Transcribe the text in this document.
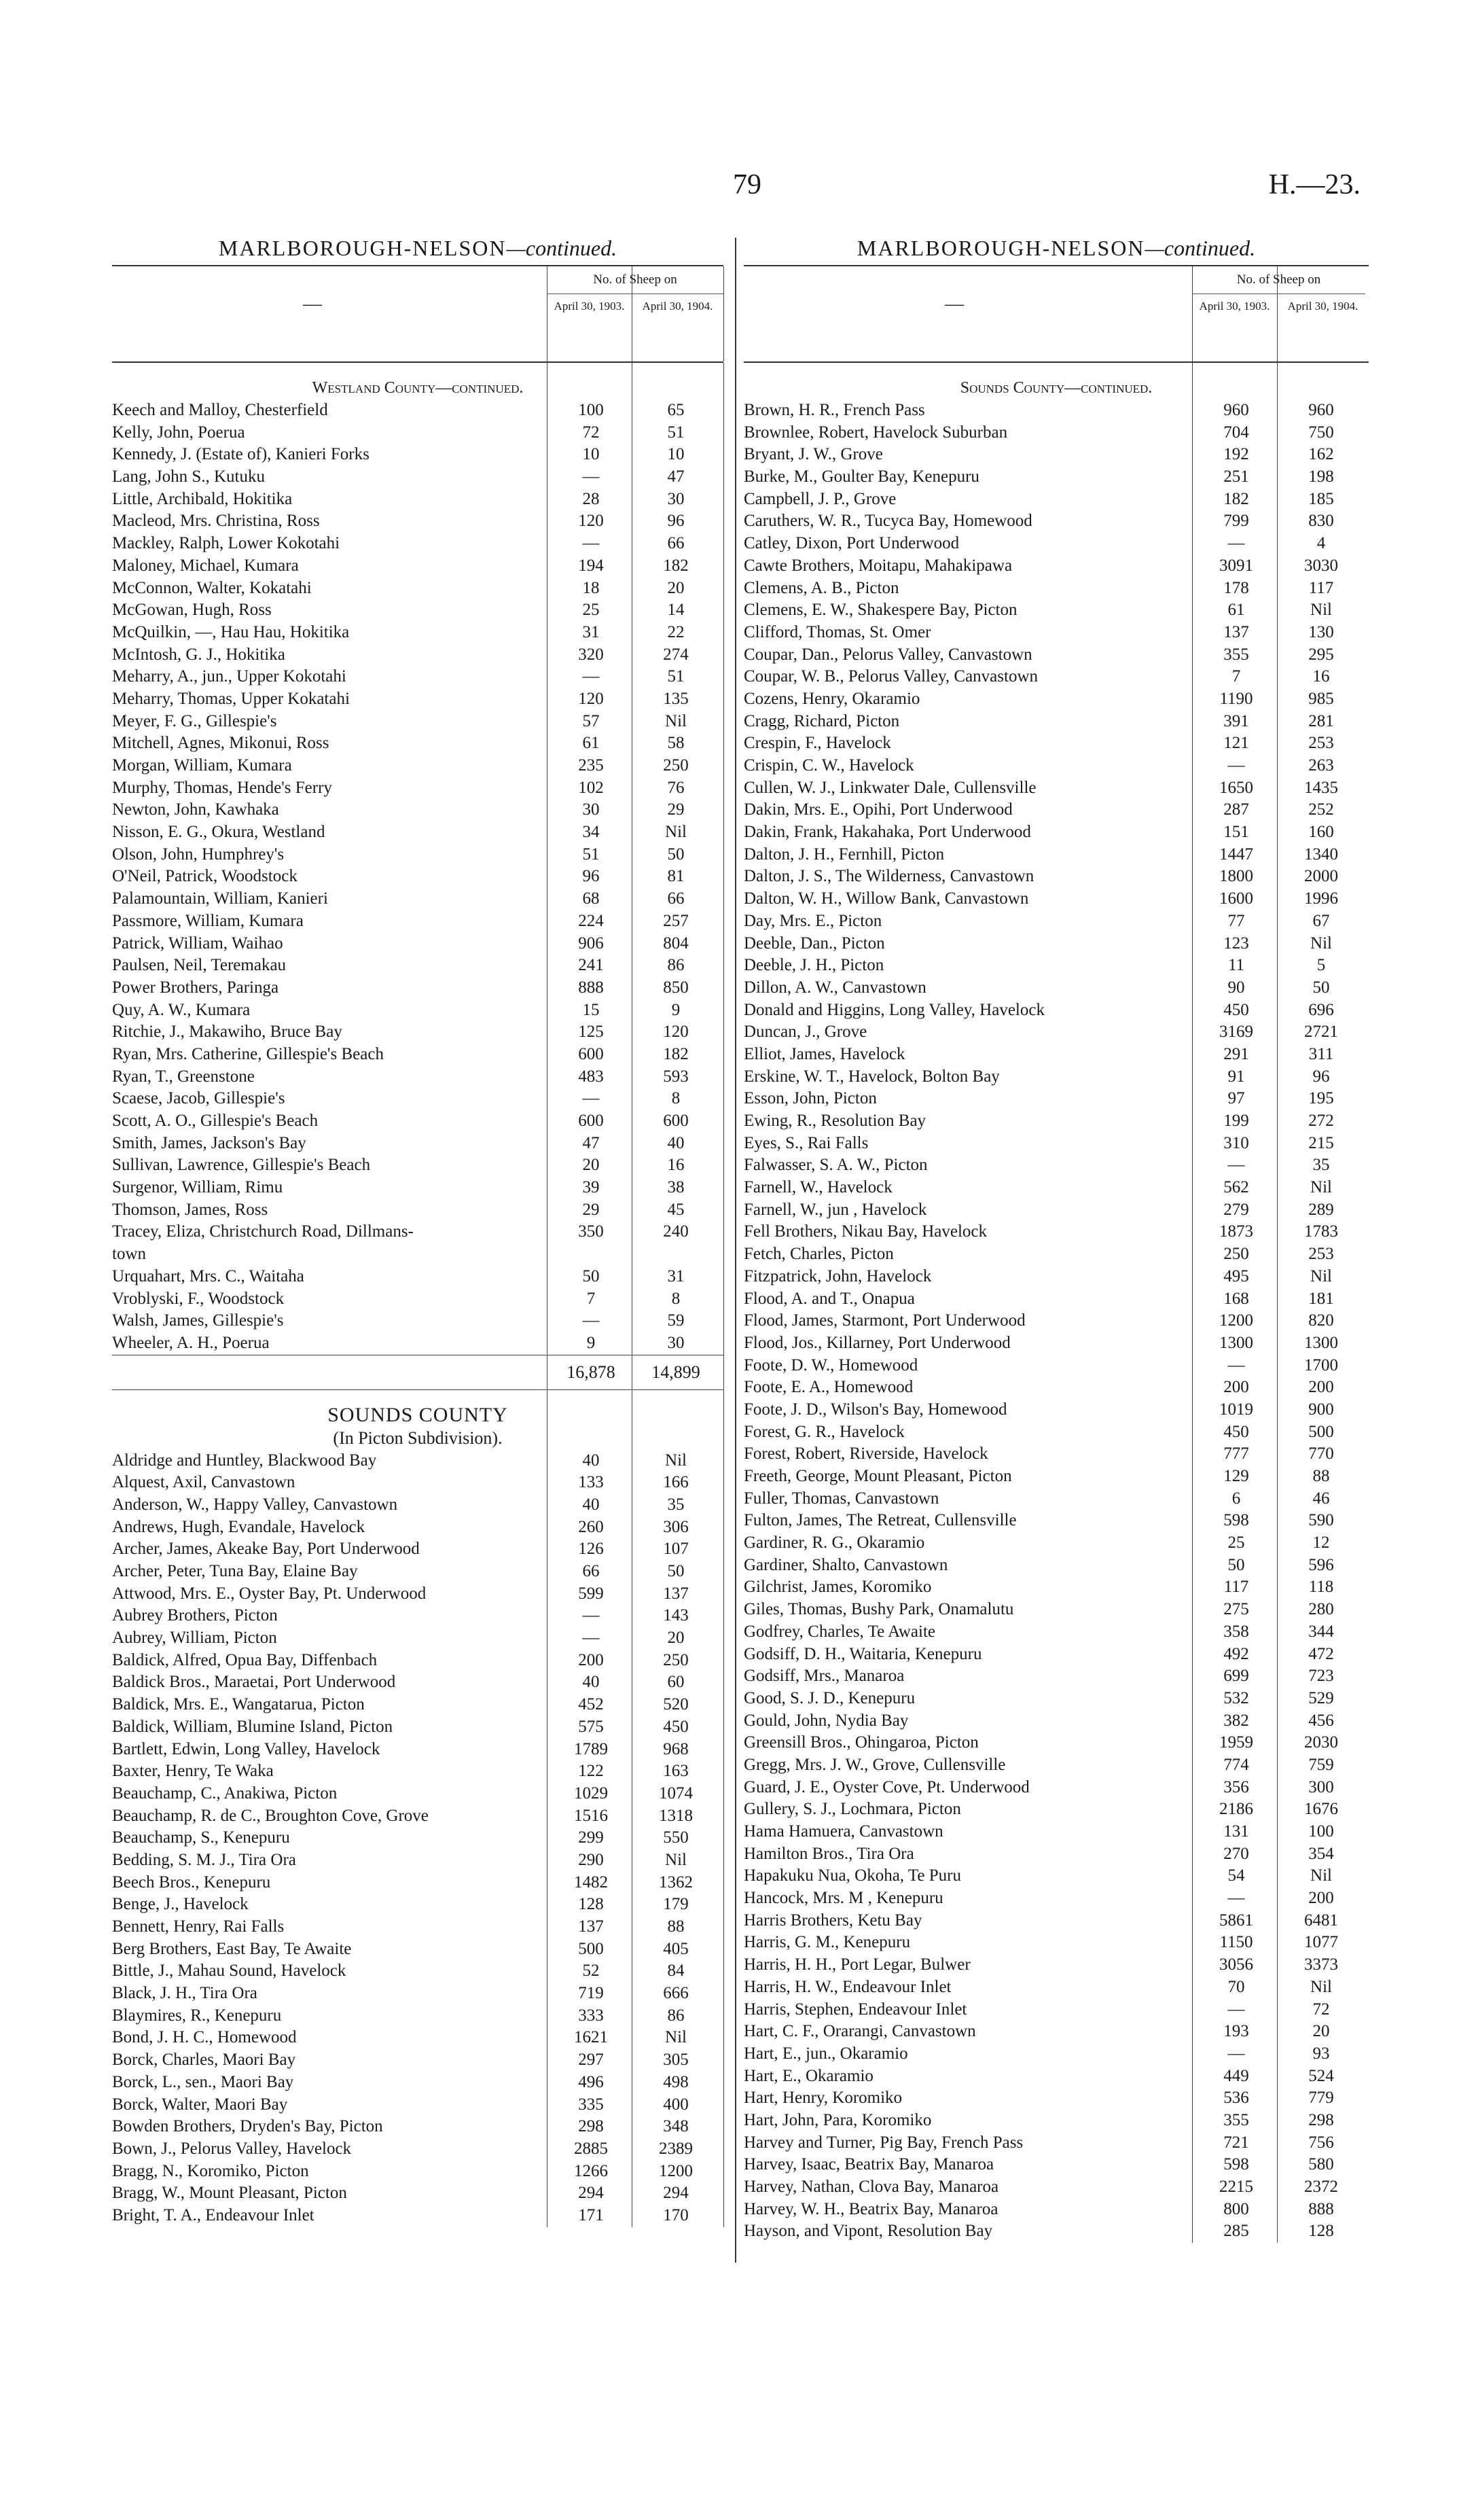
79	H.—23.
MARLBOROUGH-NELSON—continued.
—
No. of Sheep on
April 30, 1903.	April 30, 1904.
Westland County—continued.
Keech and Malloy, Chesterfield	100	65
Kelly, John, Poerua	72	51
Kennedy, J. (Estate of), Kanieri Forks	10	10
Lang, John S., Kutuku	—	47
Little, Archibald, Hokitika	28	30
Macleod, Mrs. Christina, Ross	120	96
Mackley, Ralph, Lower Kokotahi	—	66
Maloney, Michael, Kumara	194	182
McConnon, Walter, Kokatahi	18	20
McGowan, Hugh, Ross	25	14
McQuilkin, —, Hau Hau, Hokitika	31	22
McIntosh, G. J., Hokitika	320	274
Meharry, A., jun., Upper Kokotahi	—	51
Meharry, Thomas, Upper Kokatahi	120	135
Meyer, F. G., Gillespie's	57	Nil
Mitchell, Agnes, Mikonui, Ross	61	58
Morgan, William, Kumara	235	250
Murphy, Thomas, Hende's Ferry	102	76
Newton, John, Kawhaka	30	29
Nisson, E. G., Okura, Westland	34	Nil
Olson, John, Humphrey's	51	50
O'Neil, Patrick, Woodstock	96	81
Palamountain, William, Kanieri	68	66
Passmore, William, Kumara	224	257
Patrick, William, Waihao	906	804
Paulsen, Neil, Teremakau	241	86
Power Brothers, Paringa	888	850
Quy, A. W., Kumara	15	9
Ritchie, J., Makawiho, Bruce Bay	125	120
Ryan, Mrs. Catherine, Gillespie's Beach	600	182
Ryan, T., Greenstone	483	593
Scaese, Jacob, Gillespie's	—	8
Scott, A. O., Gillespie's Beach	600	600
Smith, James, Jackson's Bay	47	40
Sullivan, Lawrence, Gillespie's Beach	20	16
Surgenor, William, Rimu	39	38
Thomson, James, Ross	29	45
Tracey, Eliza, Christchurch Road, Dillmans-	350	240
town
Urquahart, Mrs. C., Waitaha	50	31
Vroblyski, F., Woodstock	7	8
Walsh, James, Gillespie's	—	59
Wheeler, A. H., Poerua	9	30
16,878	14,899
SOUNDS COUNTY
(In Picton Subdivision).
Aldridge and Huntley, Blackwood Bay	40	Nil
Alquest, Axil, Canvastown	133	166
Anderson, W., Happy Valley, Canvastown	40	35
Andrews, Hugh, Evandale, Havelock	260	306
Archer, James, Akeake Bay, Port Underwood	126	107
Archer, Peter, Tuna Bay, Elaine Bay	66	50
Attwood, Mrs. E., Oyster Bay, Pt. Underwood	599	137
Aubrey Brothers, Picton	—	143
Aubrey, William, Picton	—	20
Baldick, Alfred, Opua Bay, Diffenbach	200	250
Baldick Bros., Maraetai, Port Underwood	40	60
Baldick, Mrs. E., Wangatarua, Picton	452	520
Baldick, William, Blumine Island, Picton	575	450
Bartlett, Edwin, Long Valley, Havelock	1789	968
Baxter, Henry, Te Waka	122	163
Beauchamp, C., Anakiwa, Picton	1029	1074
Beauchamp, R. de C., Broughton Cove, Grove	1516	1318
Beauchamp, S., Kenepuru	299	550
Bedding, S. M. J., Tira Ora	290	Nil
Beech Bros., Kenepuru	1482	1362
Benge, J., Havelock	128	179
Bennett, Henry, Rai Falls	137	88
Berg Brothers, East Bay, Te Awaite	500	405
Bittle, J., Mahau Sound, Havelock	52	84
Black, J. H., Tira Ora	719	666
Blaymires, R., Kenepuru	333	86
Bond, J. H. C., Homewood	1621	Nil
Borck, Charles, Maori Bay	297	305
Borck, L., sen., Maori Bay	496	498
Borck, Walter, Maori Bay	335	400
Bowden Brothers, Dryden's Bay, Picton	298	348
Bown, J., Pelorus Valley, Havelock	2885	2389
Bragg, N., Koromiko, Picton	1266	1200
Bragg, W., Mount Pleasant, Picton	294	294
Bright, T. A., Endeavour Inlet	171	170
MARLBOROUGH-NELSON—continued.
—
No. of Sheep on
April 30, 1903.	April 30, 1904.
Sounds County—continued.
Brown, H. R., French Pass	960	960
Brownlee, Robert, Havelock Suburban	704	750
Bryant, J. W., Grove	192	162
Burke, M., Goulter Bay, Kenepuru	251	198
Campbell, J. P., Grove	182	185
Caruthers, W. R., Tucyca Bay, Homewood	799	830
Catley, Dixon, Port Underwood	—	4
Cawte Brothers, Moitapu, Mahakipawa	3091	3030
Clemens, A. B., Picton	178	117
Clemens, E. W., Shakespere Bay, Picton	61	Nil
Clifford, Thomas, St. Omer	137	130
Coupar, Dan., Pelorus Valley, Canvastown	355	295
Coupar, W. B., Pelorus Valley, Canvastown	7	16
Cozens, Henry, Okaramio	1190	985
Cragg, Richard, Picton	391	281
Crespin, F., Havelock	121	253
Crispin, C. W., Havelock	—	263
Cullen, W. J., Linkwater Dale, Cullensville	1650	1435
Dakin, Mrs. E., Opihi, Port Underwood	287	252
Dakin, Frank, Hakahaka, Port Underwood	151	160
Dalton, J. H., Fernhill, Picton	1447	1340
Dalton, J. S., The Wilderness, Canvastown	1800	2000
Dalton, W. H., Willow Bank, Canvastown	1600	1996
Day, Mrs. E., Picton	77	67
Deeble, Dan., Picton	123	Nil
Deeble, J. H., Picton	11	5
Dillon, A. W., Canvastown	90	50
Donald and Higgins, Long Valley, Havelock	450	696
Duncan, J., Grove	3169	2721
Elliot, James, Havelock	291	311
Erskine, W. T., Havelock, Bolton Bay	91	96
Esson, John, Picton	97	195
Ewing, R., Resolution Bay	199	272
Eyes, S., Rai Falls	310	215
Falwasser, S. A. W., Picton	—	35
Farnell, W., Havelock	562	Nil
Farnell, W., jun , Havelock	279	289
Fell Brothers, Nikau Bay, Havelock	1873	1783
Fetch, Charles, Picton	250	253
Fitzpatrick, John, Havelock	495	Nil
Flood, A. and T., Onapua	168	181
Flood, James, Starmont, Port Underwood	1200	820
Flood, Jos., Killarney, Port Underwood	1300	1300
Foote, D. W., Homewood	—	1700
Foote, E. A., Homewood	200	200
Foote, J. D., Wilson's Bay, Homewood	1019	900
Forest, G. R., Havelock	450	500
Forest, Robert, Riverside, Havelock	777	770
Freeth, George, Mount Pleasant, Picton	129	88
Fuller, Thomas, Canvastown	6	46
Fulton, James, The Retreat, Cullensville	598	590
Gardiner, R. G., Okaramio	25	12
Gardiner, Shalto, Canvastown	50	596
Gilchrist, James, Koromiko	117	118
Giles, Thomas, Bushy Park, Onamalutu	275	280
Godfrey, Charles, Te Awaite	358	344
Godsiff, D. H., Waitaria, Kenepuru	492	472
Godsiff, Mrs., Manaroa	699	723
Good, S. J. D., Kenepuru	532	529
Gould, John, Nydia Bay	382	456
Greensill Bros., Ohingaroa, Picton	1959	2030
Gregg, Mrs. J. W., Grove, Cullensville	774	759
Guard, J. E., Oyster Cove, Pt. Underwood	356	300
Gullery, S. J., Lochmara, Picton	2186	1676
Hama Hamuera, Canvastown	131	100
Hamilton Bros., Tira Ora	270	354
Hapakuku Nua, Okoha, Te Puru	54	Nil
Hancock, Mrs. M , Kenepuru	—	200
Harris Brothers, Ketu Bay	5861	6481
Harris, G. M., Kenepuru	1150	1077
Harris, H. H., Port Legar, Bulwer	3056	3373
Harris, H. W., Endeavour Inlet	70	Nil
Harris, Stephen, Endeavour Inlet	—	72
Hart, C. F., Orarangi, Canvastown	193	20
Hart, E., jun., Okaramio	—	93
Hart, E., Okaramio	449	524
Hart, Henry, Koromiko	536	779
Hart, John, Para, Koromiko	355	298
Harvey and Turner, Pig Bay, French Pass	721	756
Harvey, Isaac, Beatrix Bay, Manaroa	598	580
Harvey, Nathan, Clova Bay, Manaroa	2215	2372
Harvey, W. H., Beatrix Bay, Manaroa	800	888
Hayson, and Vipont, Resolution Bay	285	128
